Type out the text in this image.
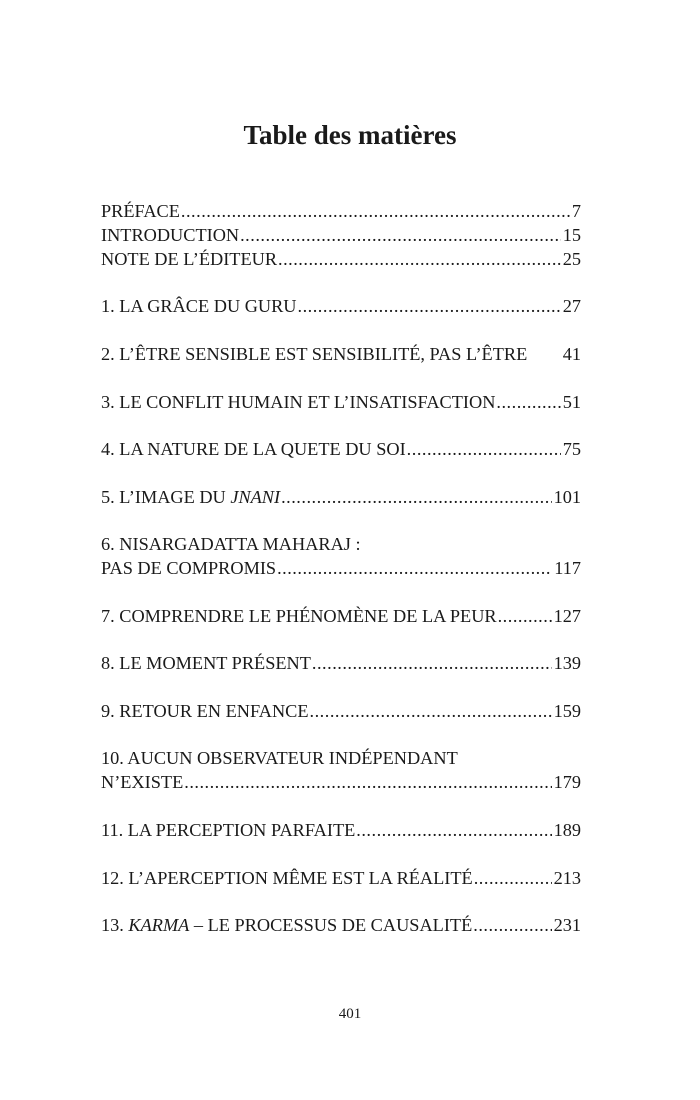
Table des matières
PRÉFACE .....	7
INTRODUCTION .....	15
NOTE DE L’ÉDITEUR .....	25
1. LA GRÂCE DU GURU .....	27
2. L’ÊTRE SENSIBLE EST SENSIBILITÉ, PAS L’ÊTRE 41
3. LE CONFLIT HUMAIN ET L’INSATISFACTION .....	51
4. LA NATURE DE LA QUETE DU SOI .....	75
5. L’IMAGE DU JNANI .....	101
6. NISARGADATTA MAHARAJ :
PAS DE COMPROMIS .....	117
7. COMPRENDRE LE PHÉNOMÈNE DE LA PEUR .....	127
8. LE MOMENT PRÉSENT .....	139
9. RETOUR EN ENFANCE .....	159
10. AUCUN OBSERVATEUR INDÉPENDANT
N’EXISTE .....	179
11. LA PERCEPTION PARFAITE .....	189
12. L’APERCEPTION MÊME EST LA RÉALITÉ .....	213
13. KARMA – LE PROCESSUS DE CAUSALITÉ .....	231
401
